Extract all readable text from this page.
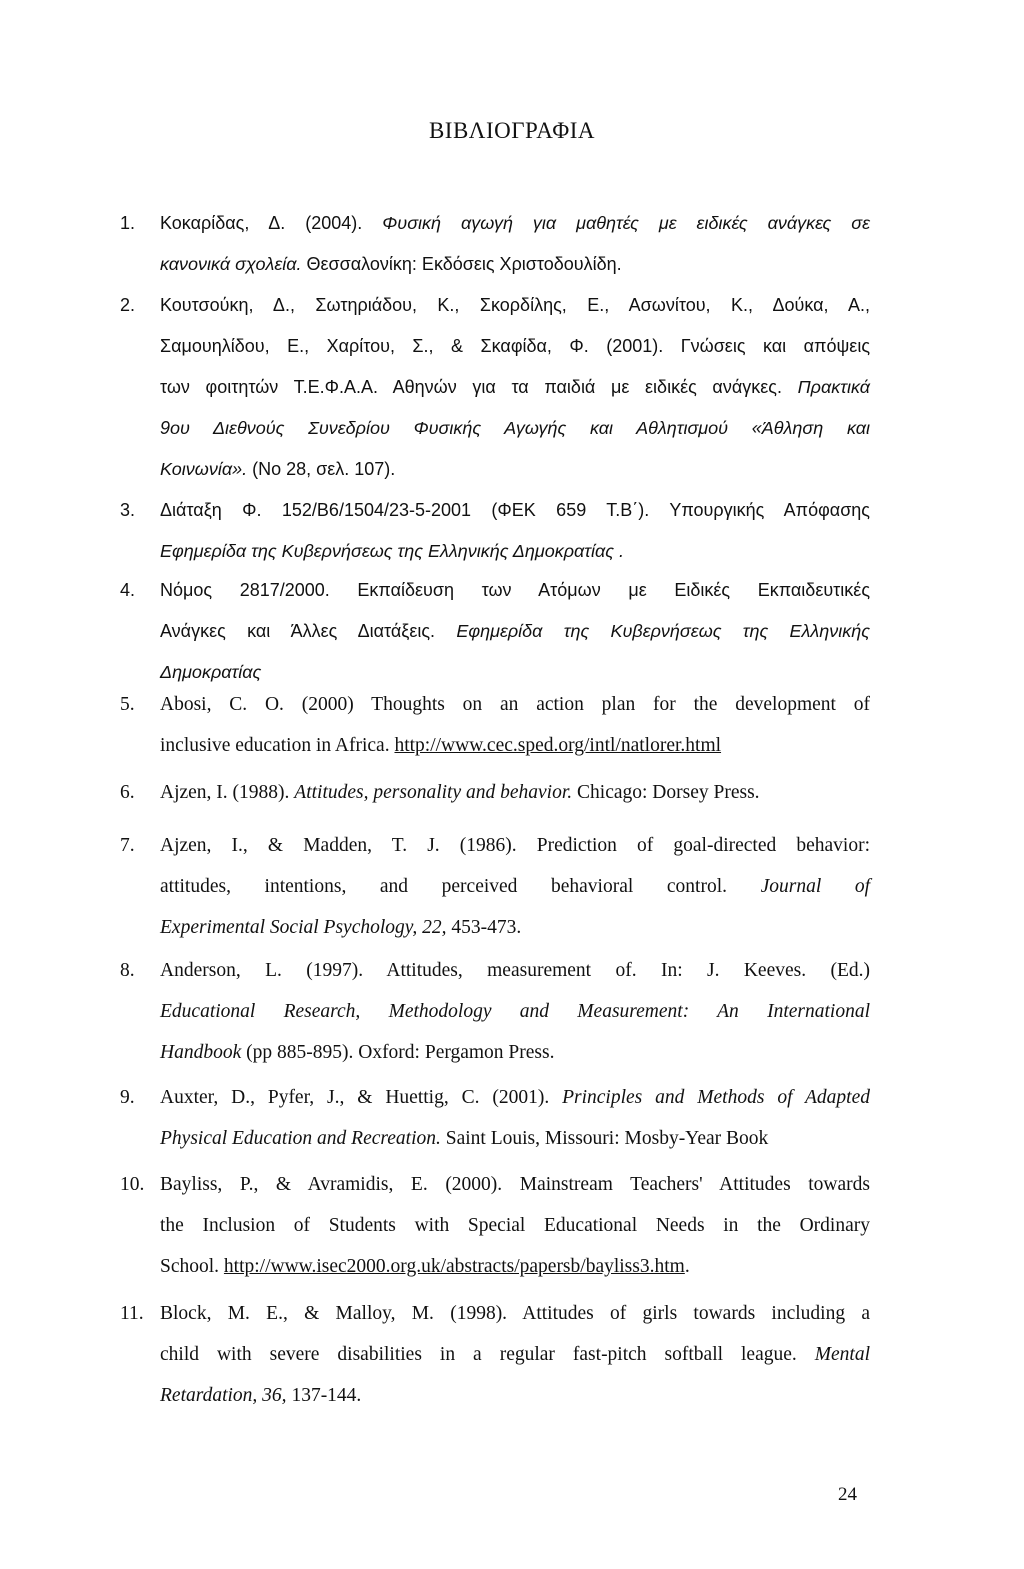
ΒΙΒΛΙΟΓΡΑΦΙΑ
1. Κοκαρίδας, Δ. (2004). Φυσική αγωγή για μαθητές με ειδικές ανάγκες σε
κανονικά σχολεία. Θεσσαλονίκη: Εκδόσεις Χριστοδουλίδη.
2. Κουτσούκη, Δ., Σωτηριάδου, Κ., Σκορδίλης, Ε., Ασωνίτου, Κ., Δούκα, Α.,
Σαμουηλίδου, Ε., Χαρίτου, Σ., & Σκαφίδα, Φ. (2001). Γνώσεις και απόψεις
των φοιτητών Τ.Ε.Φ.Α.Α. Αθηνών για τα παιδιά με ειδικές ανάγκες. Πρακτικά
9ου Διεθνούς Συνεδρίου Φυσικής Αγωγής και Αθλητισμού «Άθληση και
Κοινωνία». (Νο 28, σελ. 107).
3. Διάταξη Φ. 152/Β6/1504/23-5-2001 (ΦΕΚ 659 Τ.Β΄). Υπουργικής Απόφασης
Εφημερίδα της Κυβερνήσεως της Ελληνικής Δημοκρατίας .
4. Νόμος 2817/2000. Εκπαίδευση των Ατόμων με Ειδικές Εκπαιδευτικές
Ανάγκες και Άλλες Διατάξεις. Εφημερίδα της Κυβερνήσεως της Ελληνικής
Δημοκρατίας
5. Abosi, C. O. (2000) Thoughts on an action plan for the development of
inclusive education in Africa. http://www.cec.sped.org/intl/natlorer.html
6. Ajzen, I. (1988). Attitudes, personality and behavior. Chicago: Dorsey Press.
7. Ajzen, I., & Madden, T. J. (1986). Prediction of goal-directed behavior:
attitudes, intentions, and perceived behavioral control. Journal of
Experimental Social Psychology, 22, 453-473.
8. Anderson, L. (1997). Attitudes, measurement of. In: J. Keeves. (Ed.)
Educational Research, Methodology and Measurement: An International
Handbook (pp 885-895). Oxford: Pergamon Press.
9. Auxter, D., Pyfer, J., & Huettig, C. (2001). Principles and Methods of Adapted
Physical Education and Recreation. Saint Louis, Missouri: Mosby-Year Book
10. Bayliss, P., & Avramidis, E. (2000). Mainstream Teachers' Attitudes towards
the Inclusion of Students with Special Educational Needs in the Ordinary
School. http://www.isec2000.org.uk/abstracts/papersb/bayliss3.htm.
11. Block, M. E., & Malloy, M. (1998). Attitudes of girls towards including a
child with severe disabilities in a regular fast-pitch softball league. Mental
Retardation, 36, 137-144.
24
